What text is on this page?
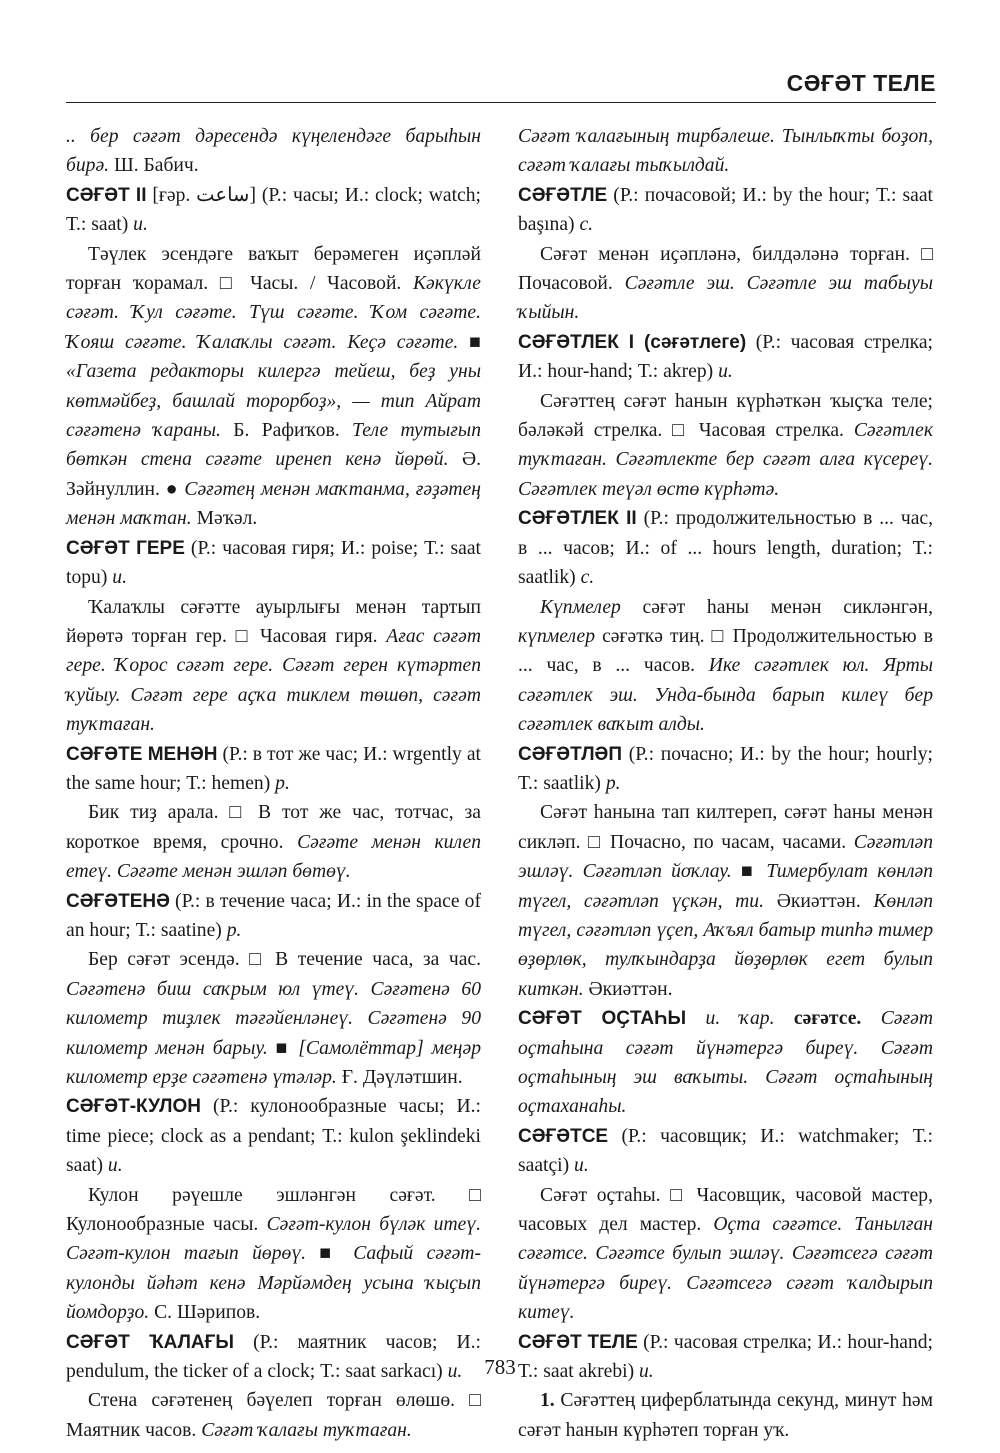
СӘҒӘТ ТЕЛЕ

.. бер сәғәт дәресендә күңелендәге барыһын бирә. Ш. Бабич.

СӘҒӘТ II [ғәр. ساعت] (Р.: часы; И.: clock; watch; Т.: saat) и.

Тәүлек эсендәге ваҡыт берәмеген иҫәплəй торған ҡорамал. □ Часы. / Часовой. Кәкүкле сәғәт. Ҡул сәғәте. Түш сәғәте. Ҡом сәғәте. Ҡояш сәғәте. Ҡалаҡлы сәғәт. Кеҫә сәғәте. ■ «Газета редакторы килергә тейеш, беҙ уны көтмәйбеҙ, башлай торорбоҙ», — тип Айрат сәғәтенә ҡараны. Б. Рафиҡов. Теле тутығып бөткән стена сәғәте иренеп кенә йөрөй. Ә. Зәйнуллин. ● Сәғәтең менән маҡтанма, ғәҙәтең менән маҡтан. Мәҡәл.

СӘҒӘТ ГЕРЕ (Р.: часовая гиря; И.: poise; Т.: saat topu) и.

Ҡалаҡлы сәғәтте ауырлығы менән тартып йөрөтә торған гер. □ Часовая гиря. Ағас сәғәт гере. Ҡорос сәғәт гере. Сәғәт герен күтәртеп ҡуйыу. Сәғәт гере аҫҡа тиклем төшөп, сәғәт туҡтаған.

СӘҒӘТЕ МЕНӘН (Р.: в тот же час; И.: wrgently at the same hour; Т.: hemen) р.

Бик тиҙ арала. □ В тот же час, тотчас, за короткое время, срочно. Сәғәте менән килеп етеү. Сәғәте менән эшләп бөтөү.

СӘҒӘТЕНӘ (Р.: в течение часа; И.: in the space of an hour; Т.: saatine) р.

Бер сәғәт эсендә. □ В течение часа, за час. Сәғәтенә биш саҡрым юл үтеү. Сәғәтенә 60 километр тиҙлек тәғәйенләнеү. Сәғәтенә 90 километр менән барыу. ■ [Самолёттар] меңәр километр ерҙе сәғәтенә үтәләр. Ғ. Дәүләтшин.

СӘҒӘТ-КУЛОН (Р.: кулонообразные часы; И.: time piece; clock as a pendant; Т.: kulon şeklindeki saat) и.

Кулон рәүешле эшләнгән сәғәт. □ Кулонообразные часы. Сәғәт-кулон бүләк итеү. Сәғәт-кулон тағып йөрөү. ■ Сафый сәғәт-кулонды йәһәт кенә Мәрйәмдең усына ҡыҫып йомдорҙо. С. Шәрипов.

СӘҒӘТ ҠАЛАҒЫ (Р.: маятник часов; И.: pendulum, the ticker of a clock; Т.: saat sarkacı) и.

Стена сәғәтенең бәүелеп торған өлөшө. □ Маятник часов. Сәғәт ҡалағы туҡтаған.

Сәғәт ҡалағының тирбәлеше. Тынлыҡты боҙоп, сәғәт ҡалағы тыҡылдай.

СӘҒӘТЛЕ (Р.: почасовой; И.: by the hour; Т.: saat başına) с.

Сәғәт менән иҫәпләнә, билдәләнә торған. □ Почасовой. Сәғәтле эш. Сәғәтле эш табыуы ҡыйын.

СӘҒӘТЛЕК I (сәғәтлеге) (Р.: часовая стрелка; И.: hour-hand; Т.: akrep) и.

Сәғәттең сәғәт һанын күрһәткән ҡыҫҡа теле; бәләкәй стрелка. □ Часовая стрелка. Сәғәтлек туҡтаған. Сәғәтлекте бер сәғәт алға күсереү. Сәғәтлек теүәл өстө күрһәтә.

СӘҒӘТЛЕК II (Р.: продолжительностью в ... час, в ... часов; И.: of ... hours length, duration; Т.: saatlik) с.

Күпмелер сәғәт һаны менән сикләнгән, күпмелер сәғәткә тиң. □ Продолжительностью в ... час, в ... часов. Ике сәғәтлек юл. Ярты сәғәтлек эш. Унда-бында барып килеү бер сәғәтлек ваҡыт алды.

СӘҒӘТЛӘП (Р.: почасно; И.: by the hour; hourly; Т.: saatlik) р.

Сәғәт һанына тап килтереп, сәғәт һаны менән сикләп. □ Почасно, по часам, часами. Сәғәтләп эшләү. Сәғәтләп йоҡлау. ■ Тимербулат көнләп түгел, сәғәтләп үҫкән, ти. Әкиәттән. Көнләп түгел, сәғәтләп үҫеп, Аҡъял батыр типһә тимер өҙөрлөк, тулҡындарҙа йөҙөрлөк егет булып киткән. Әкиәттән.

СӘҒӘТ ОҪТАҺЫ и. ҡар. сәғәтсе. Сәғәт оҫтаһына сәғәт йүнәтергә биреү. Сәғәт оҫтаһының эш ваҡыты. Сәғәт оҫтаһының оҫтаханаһы.

СӘҒӘТСЕ (Р.: часовщик; И.: watchmaker; Т.: saatçi) и.

Сәғәт оҫтаһы. □ Часовщик, часовой мастер, часовых дел мастер. Оҫта сәғәтсе. Танылған сәғәтсе. Сәғәтсе булып эшләү. Сәғәтсегә сәғәт йүнәтергә биреү. Сәғәтсегә сәғәт ҡалдырып китеү.

СӘҒӘТ ТЕЛЕ (Р.: часовая стрелка; И.: hour-hand; Т.: saat akrebi) и.

1. Сәғәттең циферблатында секунд, минут һәм сәғәт һанын күрһәтеп торған уҡ.

783
